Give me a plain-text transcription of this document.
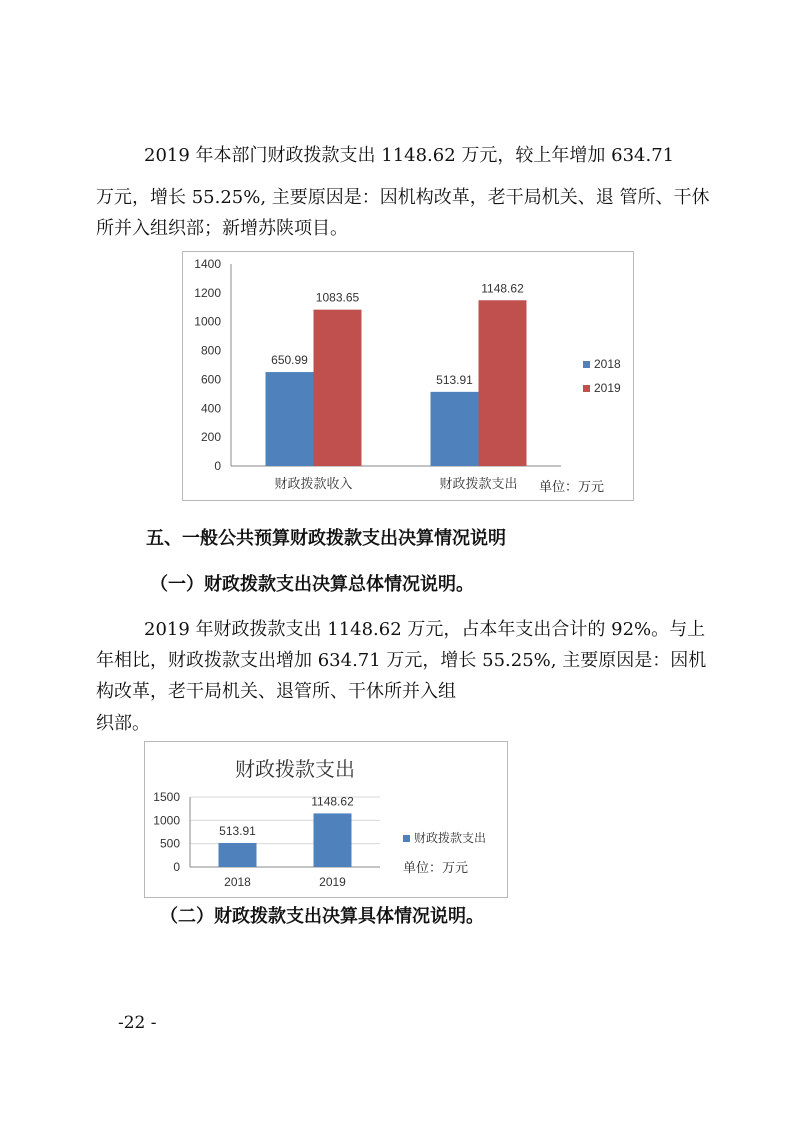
2019 年本部门财政拨款支出 1148.62 万元，较上年增加 634.71

万元，增长 55.25%, 主要原因是：因机构改革，老干局机关、退 管所、干休所并入组织部；新增苏陕项目。

0
200
400
600
800
1000
1200
1400
650.99
1083.65
财政拨款收入
513.91
1148.62
财政拨款支出
2018
2019
单位：万元

五、一般公共预算财政拨款支出决算情况说明

（一）财政拨款支出决算总体情况说明。

2019 年财政拨款支出 1148.62 万元，占本年支出合计的 92%。与上年相比，财政拨款支出增加 634.71 万元，增长 55.25%, 主要原因是：因机构改革，老干局机关、退管所、干休所并入组

织部。

财政拨款支出
0
500
1000
1500
513.91
2018
1148.62
2019
财政拨款支出
单位：万元

（二）财政拨款支出决算具体情况说明。

-22 -
